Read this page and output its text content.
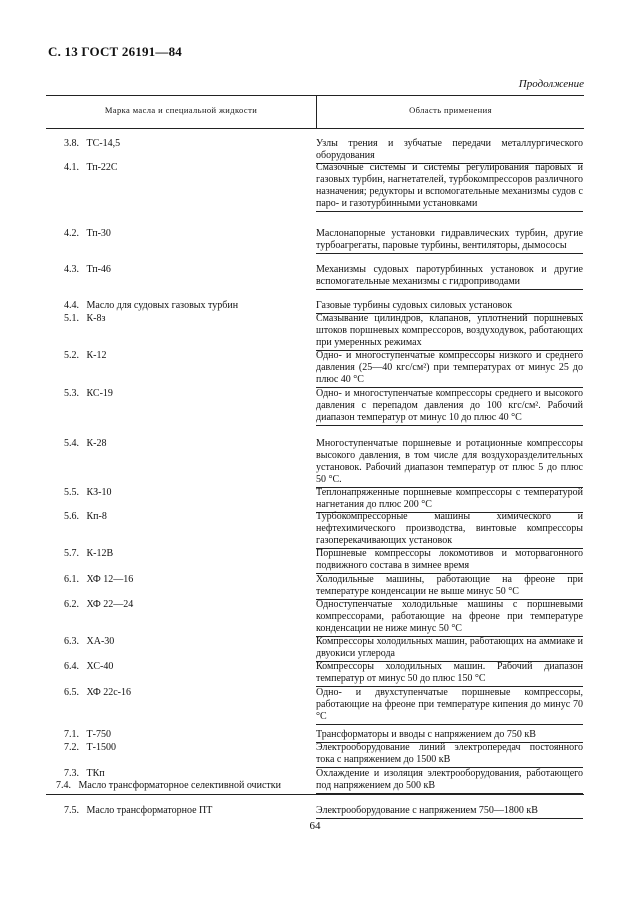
С. 13 ГОСТ 26191—84
Продолжение
Марка масла и специальной жидкости	Область применения
3.8. ТС-14,5	Узлы трения и зубчатые передачи металлургического оборудования
4.1. Тп-22С	Смазочные системы и системы регулирования паровых и газовых турбин, нагнетателей, турбокомпрессоров различного назначения; редукторы и вспомогательные механизмы судов с паро- и газотурбинными установками
4.2. Тп-30	Маслонапорные установки гидравлических турбин, другие турбоагрегаты, паровые турбины, вентиляторы, дымососы
4.3. Тп-46	Механизмы судовых паротурбинных установок и другие вспомогательные механизмы с гидроприводами
4.4. Масло для судовых газовых турбин	Газовые турбины судовых силовых установок
5.1. К-8з	Смазывание цилиндров, клапанов, уплотнений поршневых штоков поршневых компрессоров, воздуходувок, работающих при умеренных режимах
5.2. К-12	Одно- и многоступенчатые компрессоры низкого и среднего давления (25—40 кгс/см²) при температурах от минус 25 до плюс 40 °С
5.3. КС-19	Одно- и многоступенчатые компрессоры среднего и высокого давления с перепадом давления до 100 кгс/см². Рабочий диапазон температур от минус 10 до плюс 40 °С
5.4. К-28	Многоступенчатые поршневые и ротационные компрессоры высокого давления, в том числе для воздухоразделительных установок. Рабочий диапазон температур от плюс 5 до плюс 50 °С.
5.5. КЗ-10	Теплонапряженные поршневые компрессоры с температурой нагнетания до плюс 200 °С
5.6. Кп-8	Турбокомпрессорные машины химического и нефтехимического производства, винтовые компрессоры газоперекачивающих установок
5.7. К-12В	Поршневые компрессоры локомотивов и моторвагонного подвижного состава в зимнее время
6.1. ХФ 12—16	Холодильные машины, работающие на фреоне при температуре конденсации не выше минус 50 °С
6.2. ХФ 22—24	Одноступенчатые холодильные машины с поршневыми компрессорами, работающие на фреоне при температуре конденсации не ниже минус 50 °С
6.3. ХА-30	Компрессоры холодильных машин, работающих на аммиаке и двуокиси углерода
6.4. ХС-40	Компрессоры холодильных машин. Рабочий диапазон температур от минус 50 до плюс 150 °С
6.5. ХФ 22с-16	Одно- и двухступенчатые поршневые компрессоры, работающие на фреоне при температуре кипения до минус 70 °С
7.1. Т-750	Трансформаторы и вводы с напряжением до 750 кВ
7.2. Т-1500	Электрооборудование линий электропередач постоянного тока с напряжением до 1500 кВ
7.3. ТКп	Охлаждение и изоляция электрооборудования, работающего под напряжением до 500 кВ
7.4. Масло трансформаторное селективной очистки
7.5. Масло трансформаторное ПТ	Электрооборудование с напряжением 750—1800 кВ
64
